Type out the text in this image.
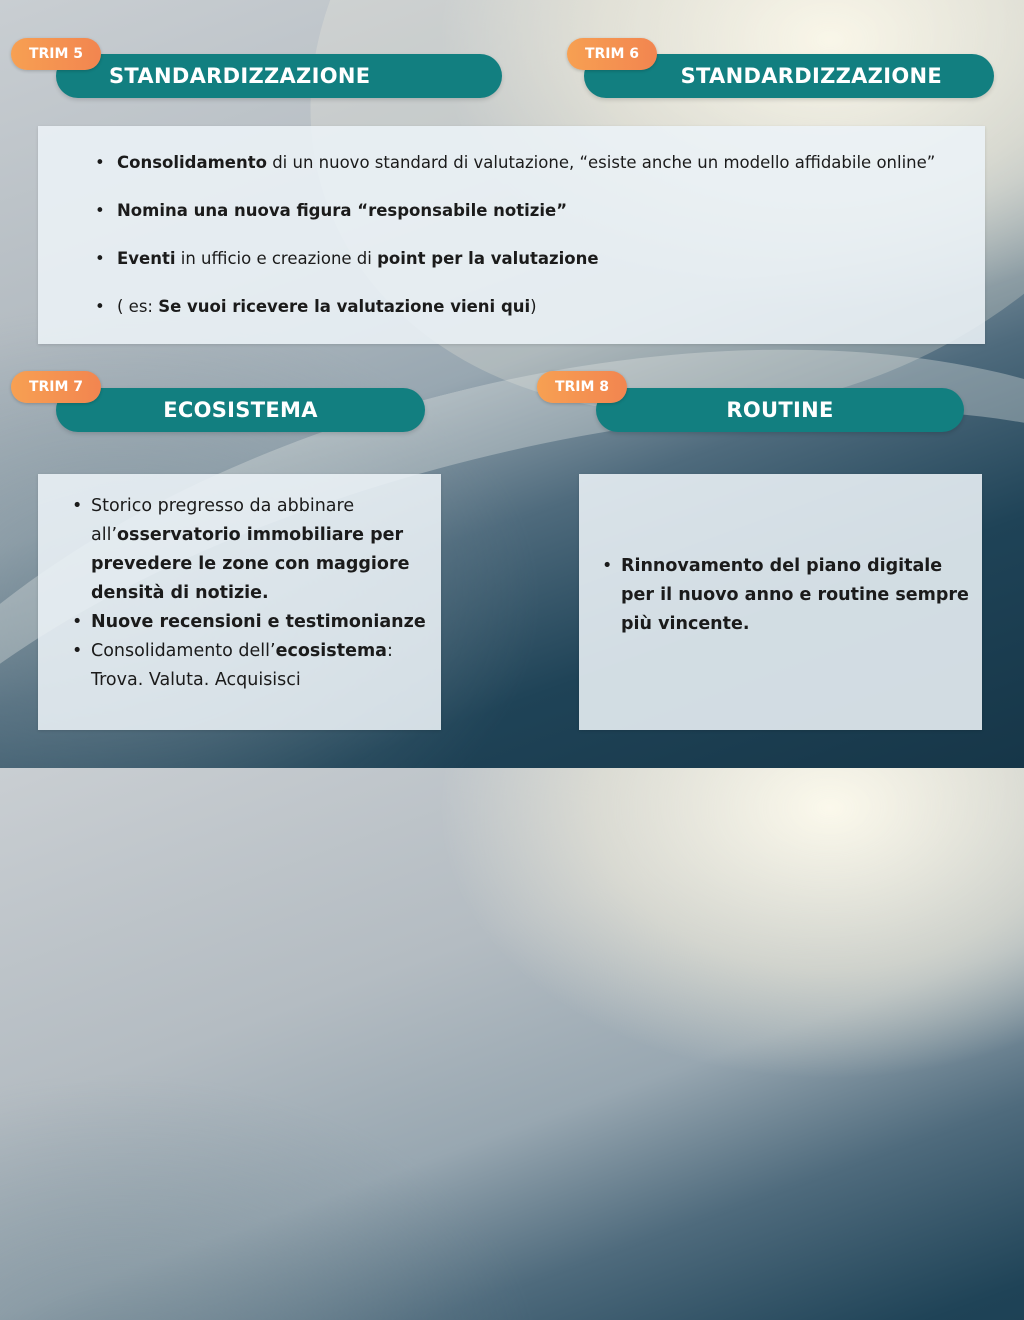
STANDARDIZZAZIONE
TRIM 5
STANDARDIZZAZIONE
TRIM 6
• Consolidamento di un nuovo standard di valutazione, “esiste anche un modello affidabile online”
• Nomina una nuova figura “responsabile notizie”
• Eventi in ufficio e creazione di point per la valutazione
• ( es: Se vuoi ricevere la valutazione vieni qui)
ECOSISTEMA
TRIM 7
ROUTINE
TRIM 8
• Storico pregresso da abbinare all’osservatorio immobiliare per prevedere le zone con maggiore densità di notizie.
• Nuove recensioni e testimonianze
• Consolidamento dell’ecosistema: Trova. Valuta. Acquisisci
• Rinnovamento del piano digitale per il nuovo anno e routine sempre più vincente.
